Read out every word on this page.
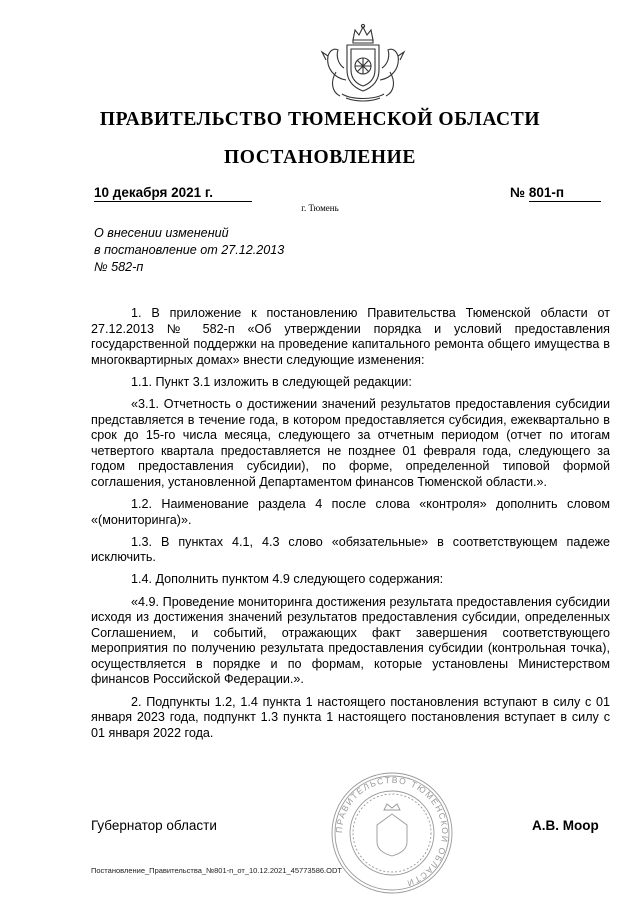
ПРАВИТЕЛЬСТВО ТЮМЕНСКОЙ ОБЛАСТИ
ПОСТАНОВЛЕНИЕ
10 декабря 2021 г.	№ 801-п
г. Тюмень
О внесении изменений
в постановление от 27.12.2013
№ 582-п

1. В приложение к постановлению Правительства Тюменской области от 27.12.2013 № 582-п «Об утверждении порядка и условий предоставления государственной поддержки на проведение капитального ремонта общего имущества в многоквартирных домах» внести следующие изменения:

1.1. Пункт 3.1 изложить в следующей редакции:

«3.1. Отчетность о достижении значений результатов предоставления субсидии представляется в течение года, в котором предоставляется субсидия, ежеквартально в срок до 15-го числа месяца, следующего за отчетным периодом (отчет по итогам четвертого квартала предоставляется не позднее 01 февраля года, следующего за годом предоставления субсидии), по форме, определенной типовой формой соглашения, установленной Департаментом финансов Тюменской области.».

1.2. Наименование раздела 4 после слова «контроля» дополнить словом «(мониторинга)».

1.3. В пунктах 4.1, 4.3 слово «обязательные» в соответствующем падеже исключить.

1.4. Дополнить пунктом 4.9 следующего содержания:

«4.9. Проведение мониторинга достижения результата предоставления субсидии исходя из достижения значений результатов предоставления субсидии, определенных Соглашением, и событий, отражающих факт завершения соответствующего мероприятия по получению результата предоставления субсидии (контрольная точка), осуществляется в порядке и по формам, которые установлены Министерством финансов Российской Федерации.».

2. Подпункты 1.2, 1.4 пункта 1 настоящего постановления вступают в силу с 01 января 2023 года, подпункт 1.3 пункта 1 настоящего постановления вступает в силу с 01 января 2022 года.

ПРАВИТЕЛЬСТВО ТЮМЕНСКОЙ ОБЛАСТИ
Губернатор области	А.В. Моор
Постановление_Правительства_№801-п_от_10.12.2021_45773586.ODT
